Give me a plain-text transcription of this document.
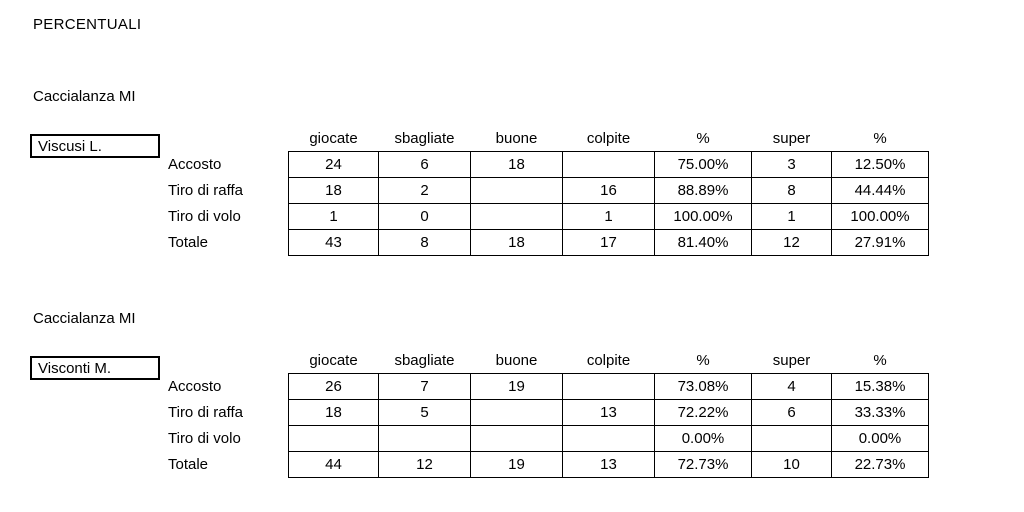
PERCENTUALI
Caccialanza MI
Viscusi L.
		giocate	sbagliate	buone	colpite	%	super	%
Accosto	24	6	18		75.00%	3	12.50%
Tiro di raffa	18	2		16	88.89%	8	44.44%
Tiro di volo	1	0		1	100.00%	1	100.00%
Totale	43	8	18	17	81.40%	12	27.91%
Caccialanza MI
Visconti M.
		giocate	sbagliate	buone	colpite	%	super	%
Accosto	26	7	19		73.08%	4	15.38%
Tiro di raffa	18	5		13	72.22%	6	33.33%
Tiro di volo					0.00%		0.00%
Totale	44	12	19	13	72.73%	10	22.73%
